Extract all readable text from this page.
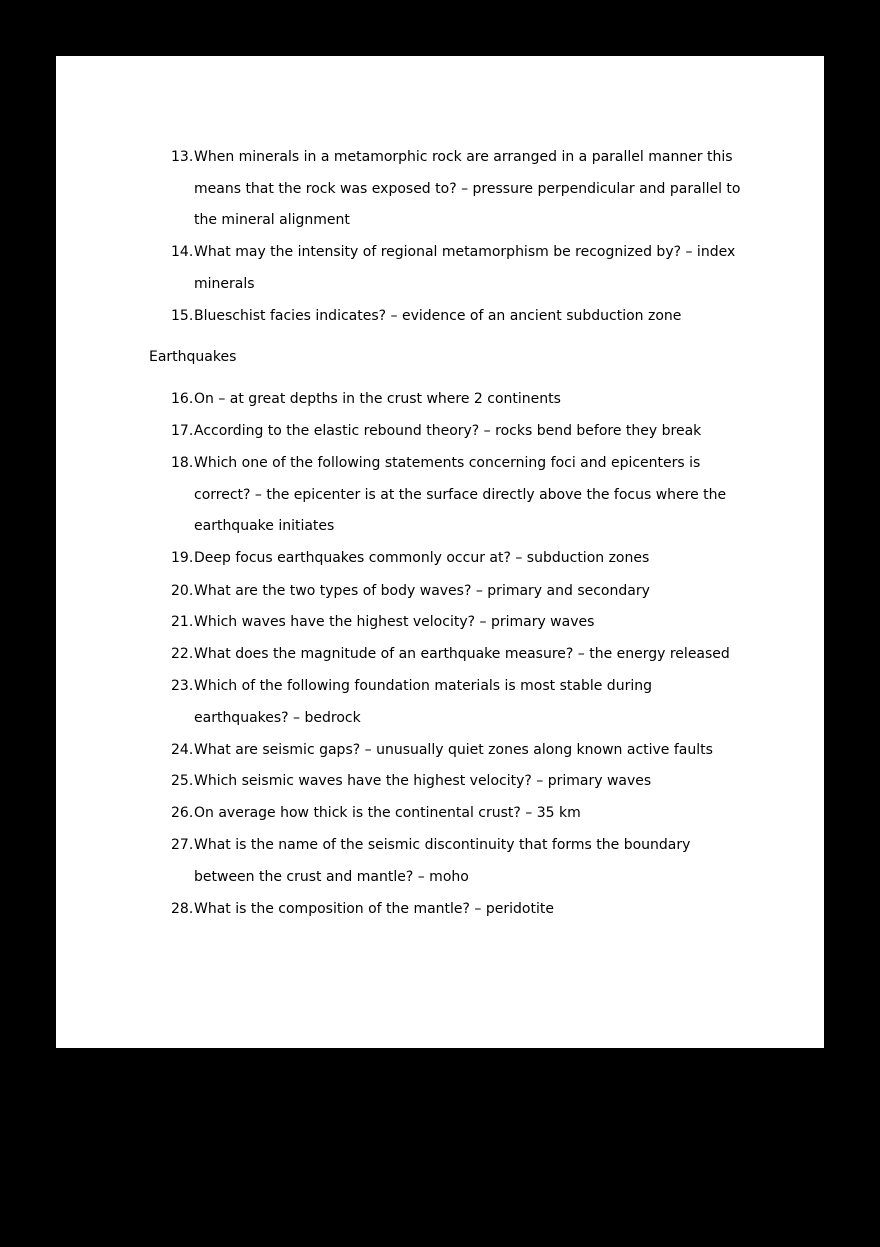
13. When minerals in a metamorphic rock are arranged in a parallel manner this
means that the rock was exposed to? – pressure perpendicular and parallel to
the mineral alignment
14. What may the intensity of regional metamorphism be recognized by? – index
minerals
15. Blueschist facies indicates? – evidence of an ancient subduction zone
Earthquakes
16. On – at great depths in the crust where 2 continents
17. According to the elastic rebound theory? – rocks bend before they break
18. Which one of the following statements concerning foci and epicenters is
correct? – the epicenter is at the surface directly above the focus where the
earthquake initiates
19. Deep focus earthquakes commonly occur at? – subduction zones
20. What are the two types of body waves? – primary and secondary
21. Which waves have the highest velocity? – primary waves
22. What does the magnitude of an earthquake measure? – the energy released
23. Which of the following foundation materials is most stable during
earthquakes? – bedrock
24. What are seismic gaps? – unusually quiet zones along known active faults
25. Which seismic waves have the highest velocity? – primary waves
26. On average how thick is the continental crust? – 35 km
27. What is the name of the seismic discontinuity that forms the boundary
between the crust and mantle? – moho
28. What is the composition of the mantle? – peridotite
